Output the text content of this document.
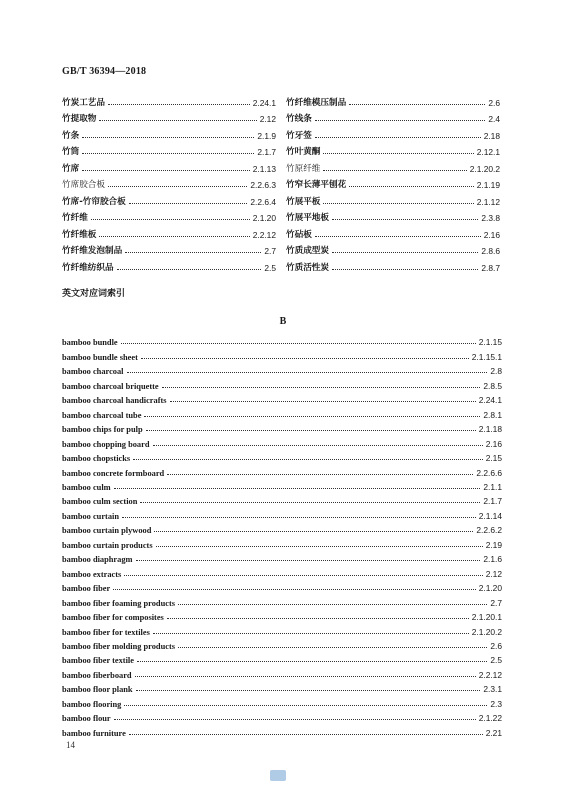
GB/T 36394—2018
竹炭工艺品	2.24.1
竹提取物	2.12
竹条	2.1.9
竹筒	2.1.7
竹席	2.1.13
竹席胶合板	2.2.6.3
竹席-竹帘胶合板	2.2.6.4
竹纤维	2.1.20
竹纤维板	2.2.12
竹纤维发泡制品	2.7
竹纤维纺织品	2.5
竹纤维模压制品	2.6
竹线条	2.4
竹牙签	2.18
竹叶黄酮	2.12.1
竹原纤维	2.1.20.2
竹窄长薄平刨花	2.1.19
竹展平板	2.1.12
竹展平地板	2.3.8
竹砧板	2.16
竹质成型炭	2.8.6
竹质活性炭	2.8.7
英文对应词索引
B
bamboo bundle	2.1.15
bamboo bundle sheet	2.1.15.1
bamboo charcoal	2.8
bamboo charcoal briquette	2.8.5
bamboo charcoal handicrafts	2.24.1
bamboo charcoal tube	2.8.1
bamboo chips for pulp	2.1.18
bamboo chopping board	2.16
bamboo chopsticks	2.15
bamboo concrete formboard	2.2.6.6
bamboo culm	2.1.1
bamboo culm section	2.1.7
bamboo curtain	2.1.14
bamboo curtain plywood	2.2.6.2
bamboo curtain products	2.19
bamboo diaphragm	2.1.6
bamboo extracts	2.12
bamboo fiber	2.1.20
bamboo fiber foaming products	2.7
bamboo fiber for composites	2.1.20.1
bamboo fiber for textiles	2.1.20.2
bamboo fiber molding products	2.6
bamboo fiber textile	2.5
bamboo fiberboard	2.2.12
bamboo floor plank	2.3.1
bamboo flooring	2.3
bamboo flour	2.1.22
bamboo furniture	2.21
14
